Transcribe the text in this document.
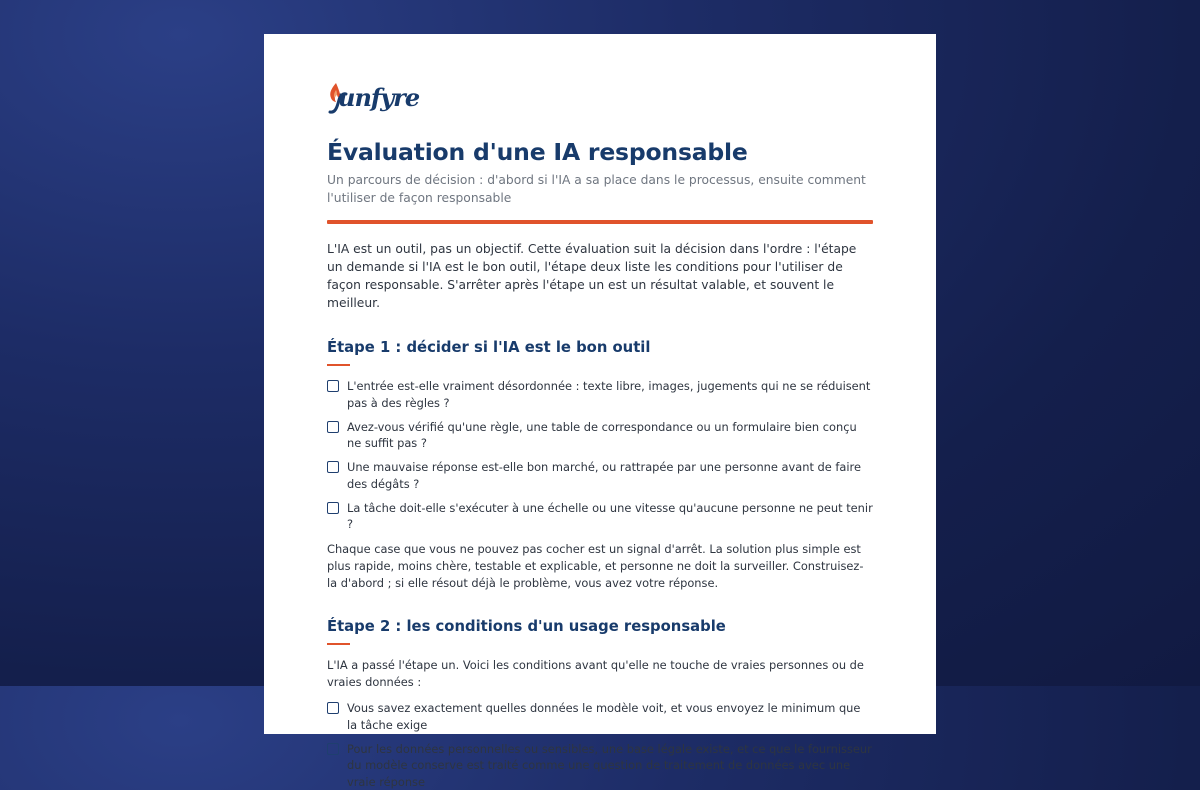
unfyre
Évaluation d'une IA responsable

Un parcours de décision : d'abord si l'IA a sa place dans le processus, ensuite comment l'utiliser de façon responsable

L'IA est un outil, pas un objectif. Cette évaluation suit la décision dans l'ordre : l'étape un demande si l'IA est le bon outil, l'étape deux liste les conditions pour l'utiliser de façon responsable. S'arrêter après l'étape un est un résultat valable, et souvent le meilleur.

Étape 1 : décider si l'IA est le bon outil
L'entrée est-elle vraiment désordonnée : texte libre, images, jugements qui ne se réduisent pas à des règles ?
Avez-vous vérifié qu'une règle, une table de correspondance ou un formulaire bien conçu ne suffit pas ?
Une mauvaise réponse est-elle bon marché, ou rattrapée par une personne avant de faire des dégâts ?
La tâche doit-elle s'exécuter à une échelle ou une vitesse qu'aucune personne ne peut tenir ?

Chaque case que vous ne pouvez pas cocher est un signal d'arrêt. La solution plus simple est plus rapide, moins chère, testable et explicable, et personne ne doit la surveiller. Construisez-la d'abord ; si elle résout déjà le problème, vous avez votre réponse.

Étape 2 : les conditions d'un usage responsable

L'IA a passé l'étape un. Voici les conditions avant qu'elle ne touche de vraies personnes ou de vraies données :

Vous savez exactement quelles données le modèle voit, et vous envoyez le minimum que la tâche exige
Pour les données personnelles ou sensibles, une base légale existe, et ce que le fournisseur du modèle conserve est traité comme une question de traitement de données avec une vraie réponse
